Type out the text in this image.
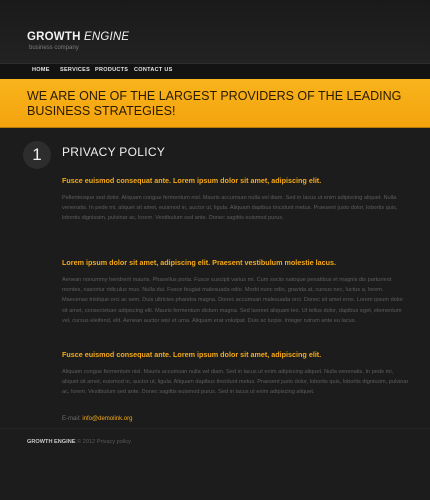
GROWTH ENGINE
business company
HOME SERVICES PRODUCTS CONTACT US
WE ARE ONE OF THE LARGEST PROVIDERS OF THE LEADING BUSINESS STRATEGIES!
1	PRIVACY POLICY
Fusce euismod consequat ante. Lorem ipsum dolor sit amet, adipiscing elit.
Pellentesque sed dolor. Aliquam congue fermentum nisl. Mauris accumsan nulla vel diam. Sed in lacus ut enim adipiscing aliquet. Nulla venenatis. In pede mi, aliquet sit amet, euismod in, auctor ut, ligula. Aliquam dapibus tincidunt metus. Praesent justo dolor, lobortis quis, lobortis dignissim, pulvinar ac, lorem. Vestibulum sed ante. Donec sagittis euismod purus.
Lorem ipsum dolor sit amet, adipiscing elit. Praesent vestibulum molestie lacus.
Aenean nonummy hendrerit mauris. Phasellus porta. Fusce suscipit varius mi. Cum sociis natoque penatibus et magnis dis parturient montes, nascetur ridiculus mus. Nulla dui. Fusce feugiat malesuada odio. Morbi nunc odio, gravida at, cursus nec, luctus a, lorem. Maecenas tristique orci ac sem. Duis ultricies pharetra magna. Donec accumsan malesuada orci. Donec sit amet eros. Lorem ipsum dolor sit amet, consectetuer adipiscing elit. Mauris fermentum dictum magna. Sed laoreet aliquam leo. Ut tellus dolor, dapibus eget, elementum vel, cursus eleifend, elit. Aenean auctor wisi et urna. Aliquam erat volutpat. Duis ac turpis. Integer rutrum ante eu lacus.
Fusce euismod consequat ante. Lorem ipsum dolor sit amet, adipiscing elit.
Aliquam congue fermentum nisl. Mauris accumsan nulla vel diam. Sed in lacus ut enim adipiscing aliquet. Nulla venenatis. In pede mi, aliquet sit amet, euismod in, auctor ut, ligula. Aliquam dapibus tincidunt metus. Praesent justo dolor, lobortis quis, lobortis dignissim, pulvinar ac, lorem. Vestibulum sed ante. Donec sagittis euismod purus. Sed in lacus ut enim adipiscing aliquet.
E-mail: info@demolink.org
GROWTH ENGINE © 2012 Privacy policy
